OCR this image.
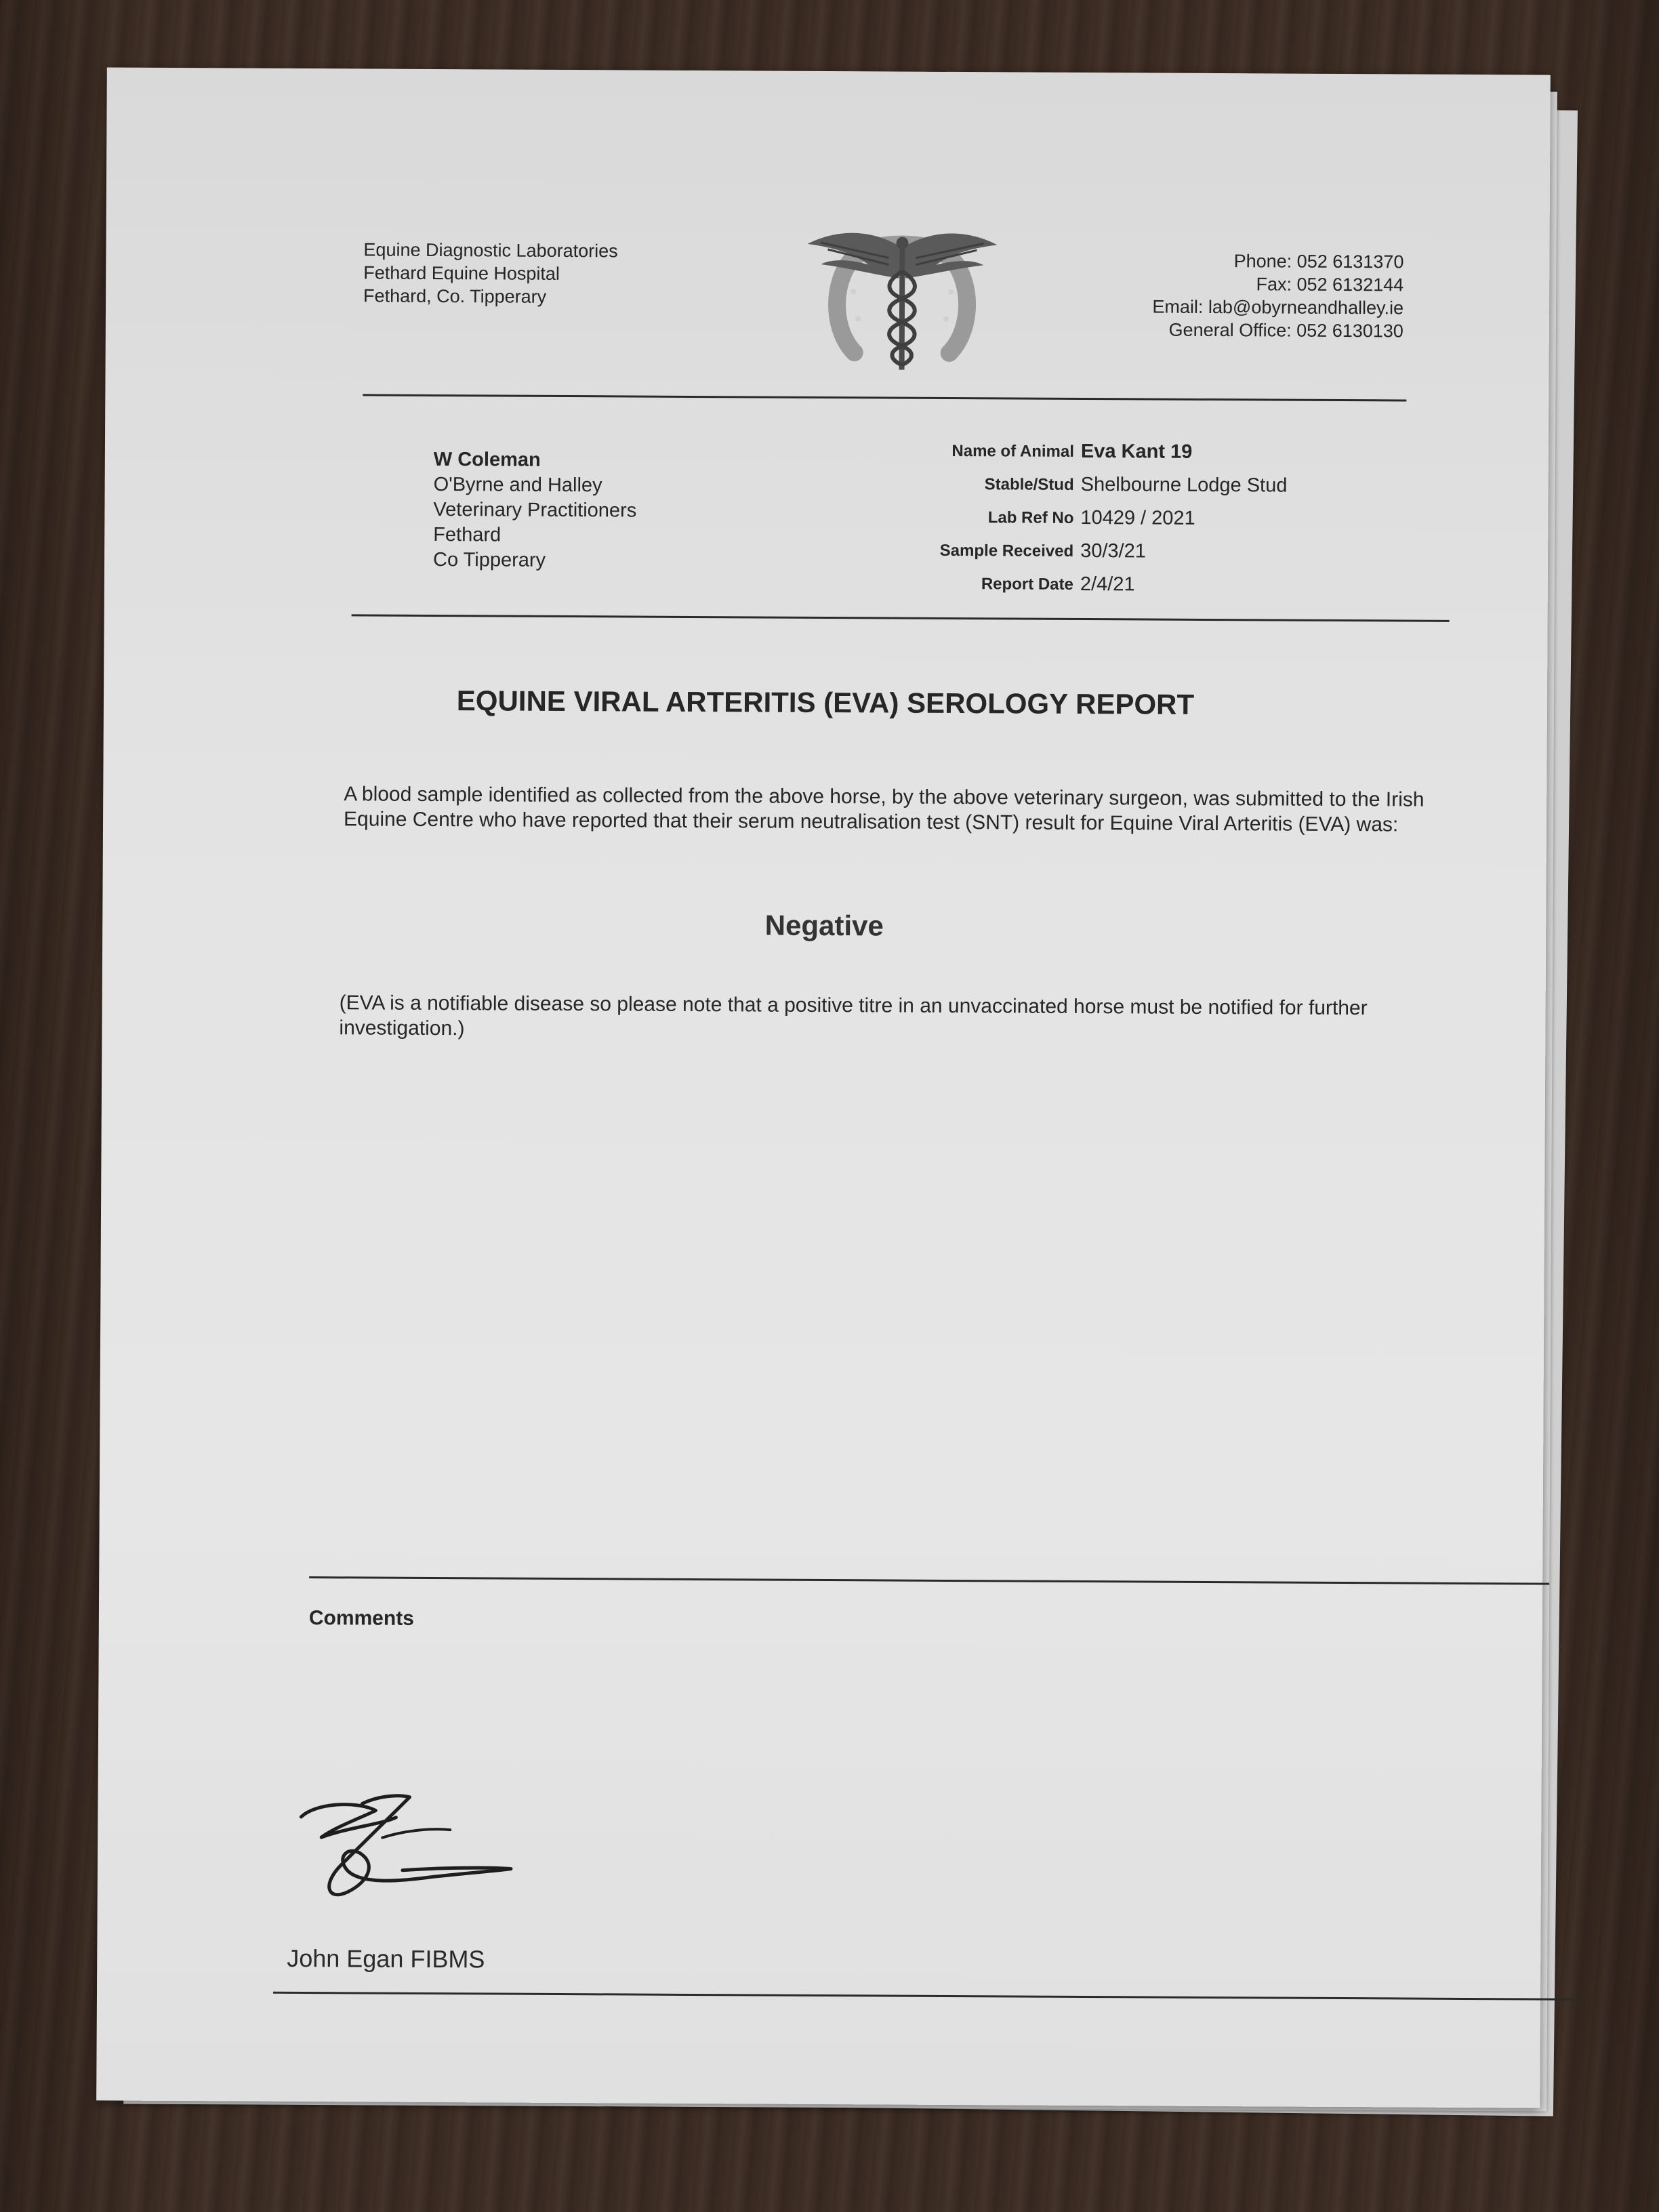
Equine Diagnostic Laboratories
Fethard Equine Hospital
Fethard, Co. Tipperary
Phone: 052 6131370
Fax: 052 6132144
Email: lab@obyrneandhalley.ie
General Office: 052 6130130
W Coleman
O'Byrne and Halley
Veterinary Practitioners
Fethard
Co Tipperary
Name of Animal Eva Kant 19
Stable/Stud Shelbourne Lodge Stud
Lab Ref No 10429 / 2021
Sample Received 30/3/21
Report Date 2/4/21
EQUINE VIRAL ARTERITIS (EVA) SEROLOGY REPORT
A blood sample identified as collected from the above horse, by the above veterinary surgeon, was submitted to the Irish Equine Centre who have reported that their serum neutralisation test (SNT) result for Equine Viral Arteritis (EVA) was:
Negative
(EVA is a notifiable disease so please note that a positive titre in an unvaccinated horse must be notified for further investigation.)
Comments
John Egan FIBMS
